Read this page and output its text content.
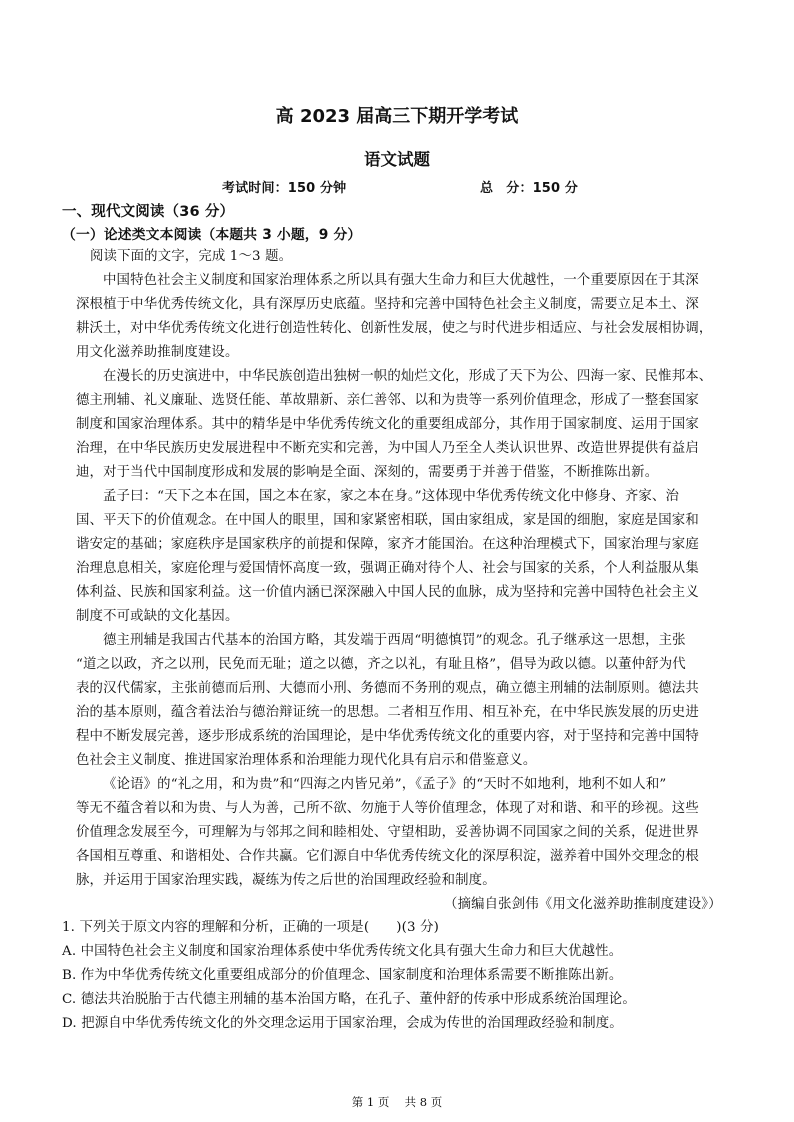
高 2023 届高三下期开学考试
语文试题
考试时间：150 分钟	总　分：150 分
一、现代文阅读（36 分）
（一）论述类文本阅读（本题共 3 小题，9 分）
阅读下面的文字，完成 1～3 题。
中国特色社会主义制度和国家治理体系之所以具有强大生命力和巨大优越性，一个重要原因在于其深
深根植于中华优秀传统文化，具有深厚历史底蕴。坚持和完善中国特色社会主义制度，需要立足本土、深
耕沃土，对中华优秀传统文化进行创造性转化、创新性发展，使之与时代进步相适应、与社会发展相协调，
用文化滋养助推制度建设。
在漫长的历史演进中，中华民族创造出独树一帜的灿烂文化，形成了天下为公、四海一家、民惟邦本、
德主刑辅、礼义廉耻、选贤任能、革故鼎新、亲仁善邻、以和为贵等一系列价值理念，形成了一整套国家
制度和国家治理体系。其中的精华是中华优秀传统文化的重要组成部分，其作用于国家制度、运用于国家
治理，在中华民族历史发展进程中不断充实和完善，为中国人乃至全人类认识世界、改造世界提供有益启
迪，对于当代中国制度形成和发展的影响是全面、深刻的，需要勇于并善于借鉴，不断推陈出新。
孟子曰：“天下之本在国，国之本在家，家之本在身。”这体现中华优秀传统文化中修身、齐家、治
国、平天下的价值观念。在中国人的眼里，国和家紧密相联，国由家组成，家是国的细胞，家庭是国家和
谐安定的基础；家庭秩序是国家秩序的前提和保障，家齐才能国治。在这种治理模式下，国家治理与家庭
治理息息相关，家庭伦理与爱国情怀高度一致，强调正确对待个人、社会与国家的关系，个人利益服从集
体利益、民族和国家利益。这一价值内涵已深深融入中国人民的血脉，成为坚持和完善中国特色社会主义
制度不可或缺的文化基因。
德主刑辅是我国古代基本的治国方略，其发端于西周“明德慎罚”的观念。孔子继承这一思想，主张
“道之以政，齐之以刑，民免而无耻；道之以德，齐之以礼，有耻且格”，倡导为政以德。以董仲舒为代
表的汉代儒家，主张前德而后刑、大德而小刑、务德而不务刑的观点，确立德主刑辅的法制原则。德法共
治的基本原则，蕴含着法治与德治辩证统一的思想。二者相互作用、相互补充，在中华民族发展的历史进
程中不断发展完善，逐步形成系统的治国理论，是中华优秀传统文化的重要内容，对于坚持和完善中国特
色社会主义制度、推进国家治理体系和治理能力现代化具有启示和借鉴意义。
《论语》的“礼之用，和为贵”和“四海之内皆兄弟”，《孟子》的“天时不如地利，地利不如人和”
等无不蕴含着以和为贵、与人为善，己所不欲、勿施于人等价值理念，体现了对和谐、和平的珍视。这些
价值理念发展至今，可理解为与邻邦之间和睦相处、守望相助，妥善协调不同国家之间的关系，促进世界
各国相互尊重、和谐相处、合作共赢。它们源自中华优秀传统文化的深厚积淀，滋养着中国外交理念的根
脉，并运用于国家治理实践，凝练为传之后世的治国理政经验和制度。
（摘编自张剑伟《用文化滋养助推制度建设》）
1. 下列关于原文内容的理解和分析，正确的一项是(　　)(3 分)
A. 中国特色社会主义制度和国家治理体系使中华优秀传统文化具有强大生命力和巨大优越性。
B. 作为中华优秀传统文化重要组成部分的价值理念、国家制度和治理体系需要不断推陈出新。
C. 德法共治脱胎于古代德主刑辅的基本治国方略，在孔子、董仲舒的传承中形成系统治国理论。
D. 把源自中华优秀传统文化的外交理念运用于国家治理，会成为传世的治国理政经验和制度。
第 1 页　 共 8 页
